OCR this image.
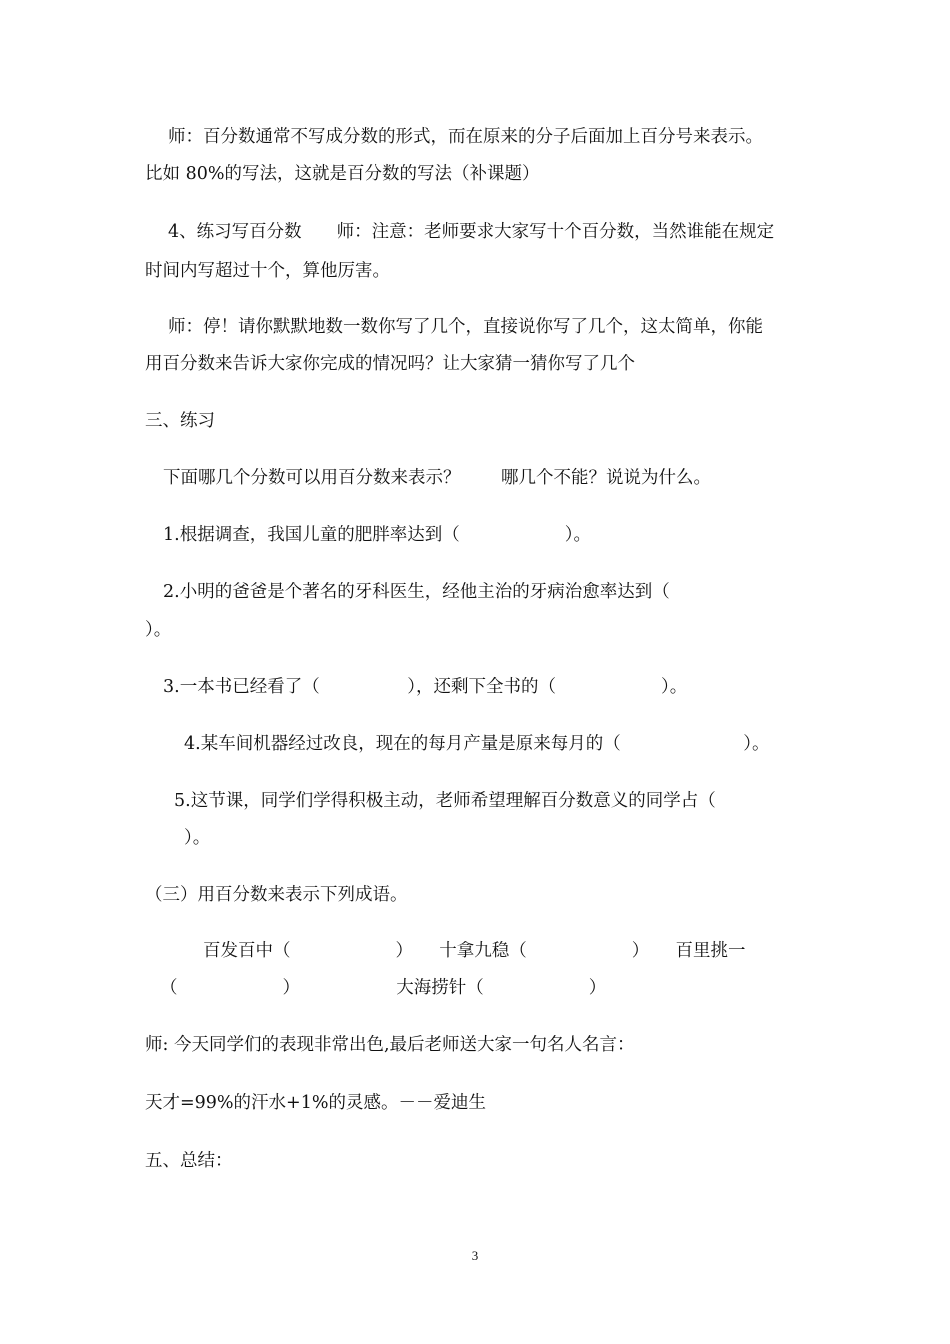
师：百分数通常不写成分数的形式，而在原来的分子后面加上百分号来表示。
比如 80%的写法，这就是百分数的写法（补课题）
4、练习写百分数　　师：注意：老师要求大家写十个百分数，当然谁能在规定
时间内写超过十个，算他厉害。
师：停！请你默默地数一数你写了几个，直接说你写了几个，这太简单，你能
用百分数来告诉大家你完成的情况吗？让大家猜一猜你写了几个
三、练习
下面哪几个分数可以用百分数来表示？　　 哪几个不能？说说为什么。
1.根据调查，我国儿童的肥胖率达到（　　　　　　）。
2.小明的爸爸是个著名的牙科医生，经他主治的牙病治愈率达到（
）。
3.一本书已经看了（　　　　　），还剩下全书的（　　　　　　）。
4.某车间机器经过改良，现在的每月产量是原来每月的（　　　　　　　）。
5.这节课，同学们学得积极主动，老师希望理解百分数意义的同学占（
）。
（三）用百分数来表示下列成语。
百发百中（　　　　　　）　　十拿九稳（　　　　　　）　　百里挑一
（　　　　　　）　　　　　　大海捞针（　　　　　　）
师: 今天同学们的表现非常出色,最后老师送大家一句名人名言：
天才=99%的汗水+1%的灵感。－－爱迪生
五、总结：
3
